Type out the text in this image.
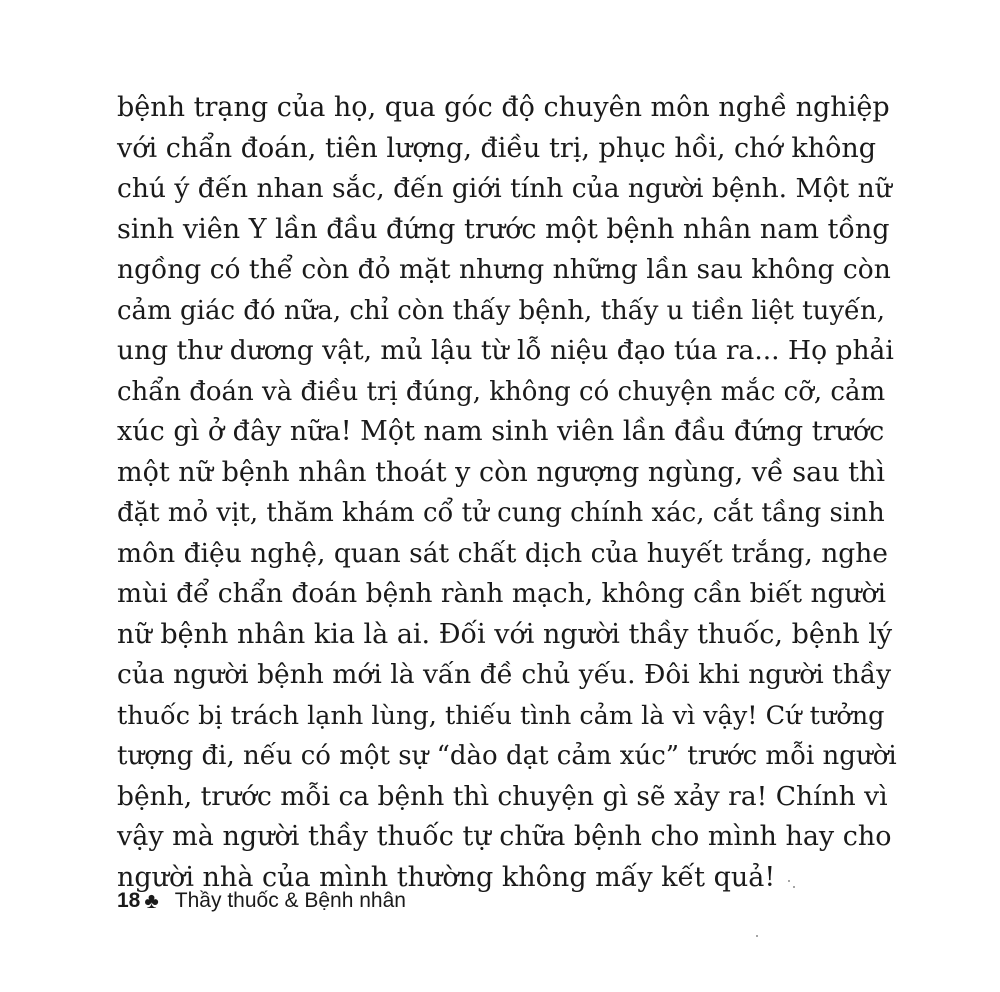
bệnh trạng của họ, qua góc độ chuyên môn nghề nghiệp
với chẩn đoán, tiên lượng, điều trị, phục hồi, chớ không
chú ý đến nhan sắc, đến giới tính của người bệnh. Một nữ
sinh viên Y lần đầu đứng trước một bệnh nhân nam tồng
ngồng có thể còn đỏ mặt nhưng những lần sau không còn
cảm giác đó nữa, chỉ còn thấy bệnh, thấy u tiền liệt tuyến,
ung thư dương vật, mủ lậu từ lỗ niệu đạo túa ra... Họ phải
chẩn đoán và điều trị đúng, không có chuyện mắc cỡ, cảm
xúc gì ở đây nữa! Một nam sinh viên lần đầu đứng trước
một nữ bệnh nhân thoát y còn ngượng ngùng, về sau thì
đặt mỏ vịt, thăm khám cổ tử cung chính xác, cắt tầng sinh
môn điệu nghệ, quan sát chất dịch của huyết trắng, nghe
mùi để chẩn đoán bệnh rành mạch, không cần biết người
nữ bệnh nhân kia là ai. Đối với người thầy thuốc, bệnh lý
của người bệnh mới là vấn đề chủ yếu. Đôi khi người thầy
thuốc bị trách lạnh lùng, thiếu tình cảm là vì vậy! Cứ tưởng
tượng đi, nếu có một sự “dào dạt cảm xúc” trước mỗi người
bệnh, trước mỗi ca bệnh thì chuyện gì sẽ xảy ra! Chính vì
vậy mà người thầy thuốc tự chữa bệnh cho mình hay cho
người nhà của mình thường không mấy kết quả!
18 ♣ Thầy thuốc & Bệnh nhân
